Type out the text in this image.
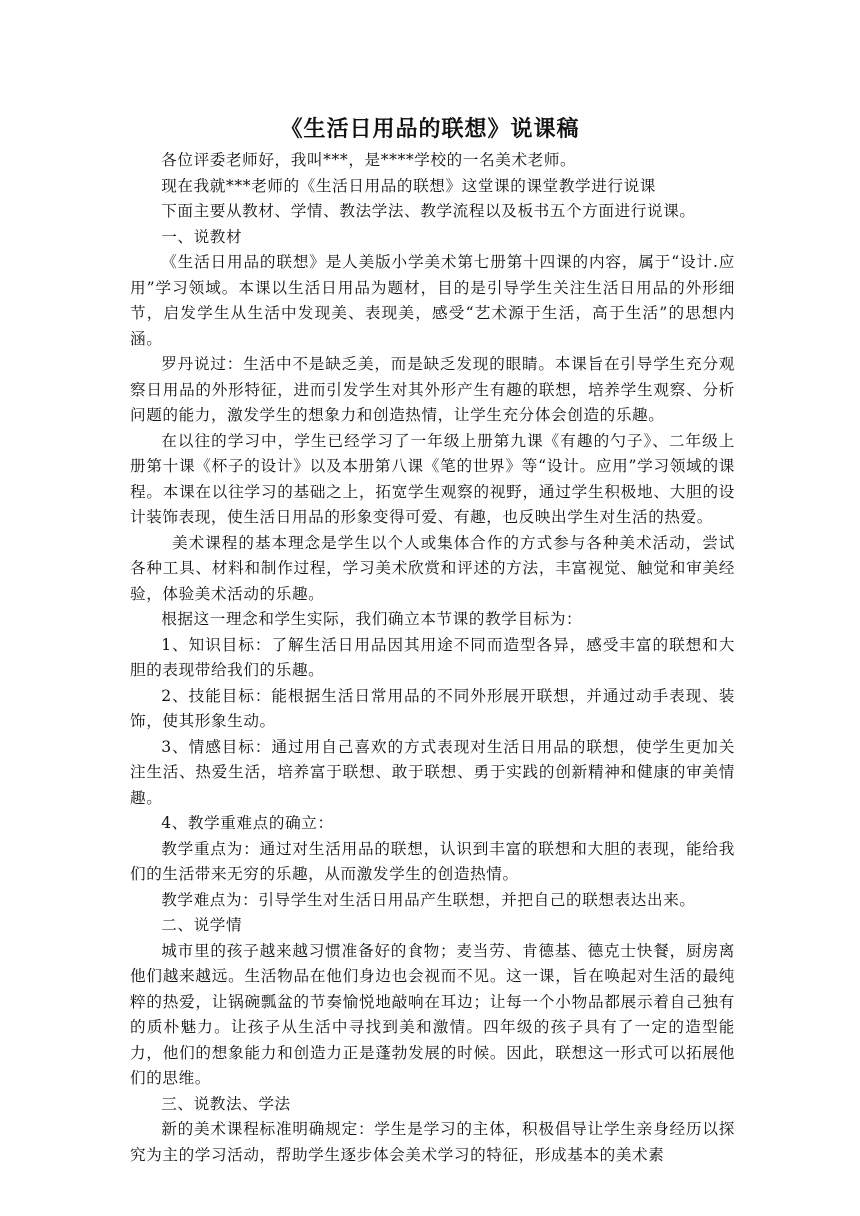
《生活日用品的联想》说课稿

各位评委老师好，我叫***，是****学校的一名美术老师。

现在我就***老师的《生活日用品的联想》这堂课的课堂教学进行说课

下面主要从教材、学情、教法学法、教学流程以及板书五个方面进行说课。

一、说教材

《生活日用品的联想》是人美版小学美术第七册第十四课的内容，属于“设计.应用”学习领域。本课以生活日用品为题材，目的是引导学生关注生活日用品的外形细节，启发学生从生活中发现美、表现美，感受“艺术源于生活，高于生活”的思想内涵。

罗丹说过：生活中不是缺乏美，而是缺乏发现的眼睛。本课旨在引导学生充分观察日用品的外形特征，进而引发学生对其外形产生有趣的联想，培养学生观察、分析问题的能力，激发学生的想象力和创造热情，让学生充分体会创造的乐趣。

在以往的学习中，学生已经学习了一年级上册第九课《有趣的勺子》、二年级上册第十课《杯子的设计》以及本册第八课《笔的世界》等“设计。应用”学习领域的课程。本课在以往学习的基础之上，拓宽学生观察的视野，通过学生积极地、大胆的设计装饰表现，使生活日用品的形象变得可爱、有趣，也反映出学生对生活的热爱。

美术课程的基本理念是学生以个人或集体合作的方式参与各种美术活动，尝试各种工具、材料和制作过程，学习美术欣赏和评述的方法，丰富视觉、触觉和审美经验，体验美术活动的乐趣。

根据这一理念和学生实际，我们确立本节课的教学目标为：

1、知识目标：了解生活日用品因其用途不同而造型各异，感受丰富的联想和大胆的表现带给我们的乐趣。

2、技能目标：能根据生活日常用品的不同外形展开联想，并通过动手表现、装饰，使其形象生动。

3、情感目标：通过用自己喜欢的方式表现对生活日用品的联想，使学生更加关注生活、热爱生活，培养富于联想、敢于联想、勇于实践的创新精神和健康的审美情趣。

4、教学重难点的确立：

教学重点为：通过对生活用品的联想，认识到丰富的联想和大胆的表现，能给我们的生活带来无穷的乐趣，从而激发学生的创造热情。

教学难点为：引导学生对生活日用品产生联想，并把自己的联想表达出来。

二、说学情

城市里的孩子越来越习惯准备好的食物；麦当劳、肯德基、德克士快餐，厨房离他们越来越远。生活物品在他们身边也会视而不见。这一课，旨在唤起对生活的最纯粹的热爱，让锅碗瓢盆的节奏愉悦地敲响在耳边；让每一个小物品都展示着自己独有的质朴魅力。让孩子从生活中寻找到美和激情。四年级的孩子具有了一定的造型能力，他们的想象能力和创造力正是蓬勃发展的时候。因此，联想这一形式可以拓展他们的思维。

三、说教法、学法

新的美术课程标准明确规定：学生是学习的主体，积极倡导让学生亲身经历以探究为主的学习活动，帮助学生逐步体会美术学习的特征，形成基本的美术素
